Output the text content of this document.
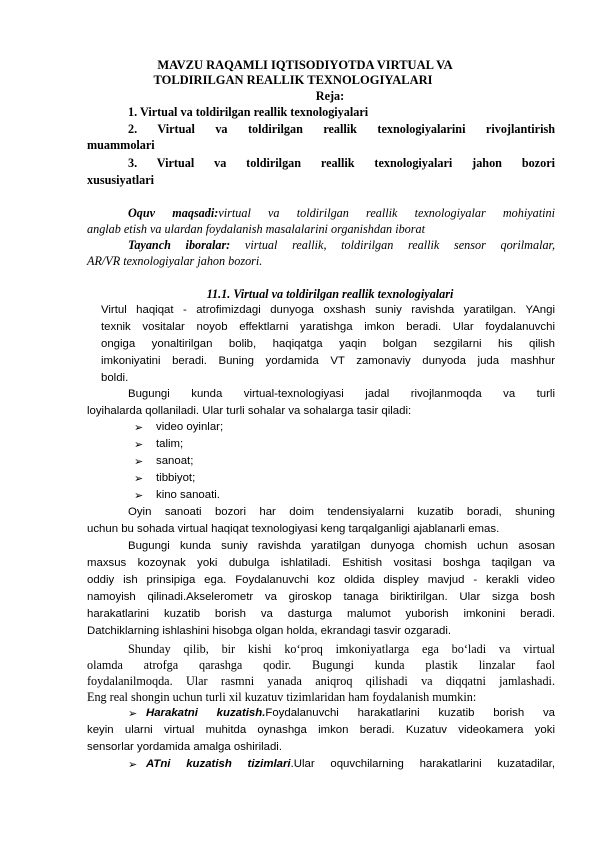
MAVZU RAQAMLI IQTISODIYOTDA VIRTUAL VA
TOLDIRILGAN REALLIK TEXNOLOGIYALARI
Reja:
1. Virtual va toldirilgan reallik texnologiyalari
2. Virtual va toldirilgan reallik texnologiyalarini rivojlantirish
muammolari
3. Virtual va toldirilgan reallik texnologiyalari jahon bozori
xususiyatlari
Oquv maqsadi:virtual va toldirilgan reallik texnologiyalar mohiyatini
anglab etish va ulardan foydalanish masalalarini organishdan iborat
Tayanch iboralar: virtual reallik, toldirilgan reallik sensor qorilmalar,
AR/VR texnologiyalar jahon bozori.
11.1. Virtual va toldirilgan reallik texnologiyalari
Virtul haqiqat - atrofimizdagi dunyoga oxshash suniy ravishda yaratilgan. YAngi
texnik vositalar noyob effektlarni yaratishga imkon beradi. Ular foydalanuvchi
ongiga yonaltirilgan bolib, haqiqatga yaqin bolgan sezgilarni his qilish
imkoniyatini beradi. Buning yordamida VT zamonaviy dunyoda juda mashhur
boldi.
Bugungi kunda virtual-texnologiyasi jadal rivojlanmoqda va turli
loyihalarda qollaniladi. Ular turli sohalar va sohalarga tasir qiladi:
➢ video oyinlar;
➢ talim;
➢ sanoat;
➢ tibbiyot;
➢ kino sanoati.
Oyin sanoati bozori har doim tendensiyalarni kuzatib boradi, shuning
uchun bu sohada virtual haqiqat texnologiyasi keng tarqalganligi ajablanarli emas.
Bugungi kunda suniy ravishda yaratilgan dunyoga chomish uchun asosan
maxsus kozoynak yoki dubulga ishlatiladi. Eshitish vositasi boshga taqilgan va
oddiy ish prinsipiga ega. Foydalanuvchi koz oldida displey mavjud - kerakli video
namoyish qilinadi.Akselerometr va giroskop tanaga biriktirilgan. Ular sizga bosh
harakatlarini kuzatib borish va dasturga malumot yuborish imkonini beradi.
Datchiklarning ishlashini hisobga olgan holda, ekrandagi tasvir ozgaradi.
Shunday qilib, bir kishi ko‘proq imkoniyatlarga ega bo‘ladi va virtual
olamda atrofga qarashga qodir. Bugungi kunda plastik linzalar faol
foydalanilmoqda. Ular rasmni yanada aniqroq qilishadi va diqqatni jamlashadi.
Eng real shongin uchun turli xil kuzatuv tizimlaridan ham foydalanish mumkin:
➢ Harakatni kuzatish.Foydalanuvchi harakatlarini kuzatib borish va
keyin ularni virtual muhitda oynashga imkon beradi. Kuzatuv videokamera yoki
sensorlar yordamida amalga oshiriladi.
➢ ATni kuzatish tizimlari.Ular oquvchilarning harakatlarini kuzatadilar,
